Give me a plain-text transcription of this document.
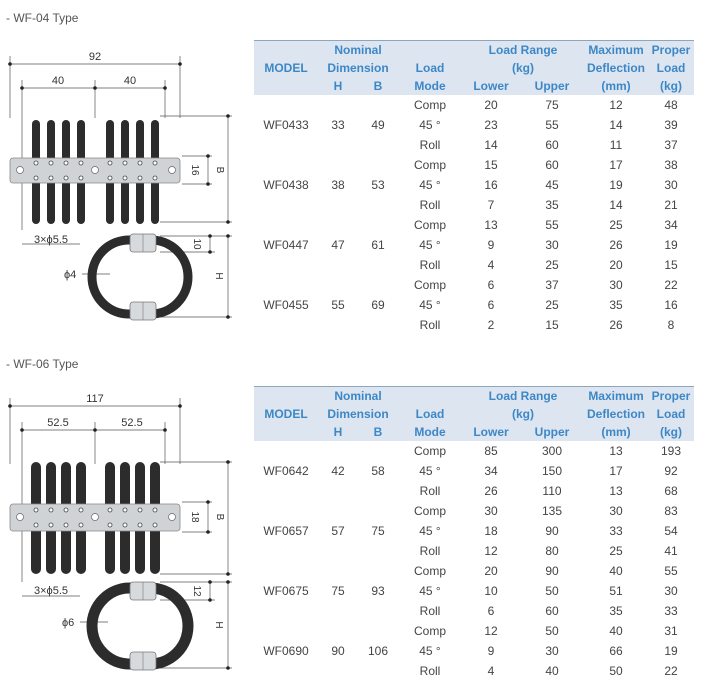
- WF-04 Type
92
40	40
16 B
3×ϕ5.5
ϕ4
10
H
MODEL	Nominal		Load	Load Range		Maximum	Proper
	Dimension			(kg)		Deflection	Load
	H	B	Mode	Lower	Upper	(mm)	(kg)
WF0433	33	49	Comp	20	75	12	48
			45 °	23	55	14	39
			Roll	14	60	11	37
WF0438	38	53	Comp	15	60	17	38
			45 °	16	45	19	30
			Roll	7	35	14	21
WF0447	47	61	Comp	13	55	25	34
			45 °	9	30	26	19
			Roll	4	25	20	15
WF0455	55	69	Comp	6	37	30	22
			45 °	6	25	35	16
			Roll	2	15	26	8
- WF-06 Type
117
52.5	52.5
18 B
3×ϕ5.5
ϕ6
12
H
MODEL	Nominal		Load	Load Range		Maximum	Proper
	Dimension			(kg)		Deflection	Load
	H	B	Mode	Lower	Upper	(mm)	(kg)
WF0642	42	58	Comp	85	300	13	193
			45 °	34	150	17	92
			Roll	26	110	13	68
WF0657	57	75	Comp	30	135	30	83
			45 °	18	90	33	54
			Roll	12	80	25	41
WF0675	75	93	Comp	20	90	40	55
			45 °	10	50	51	30
			Roll	6	60	35	33
WF0690	90	106	Comp	12	50	40	31
			45 °	9	30	66	19
			Roll	4	40	50	22
